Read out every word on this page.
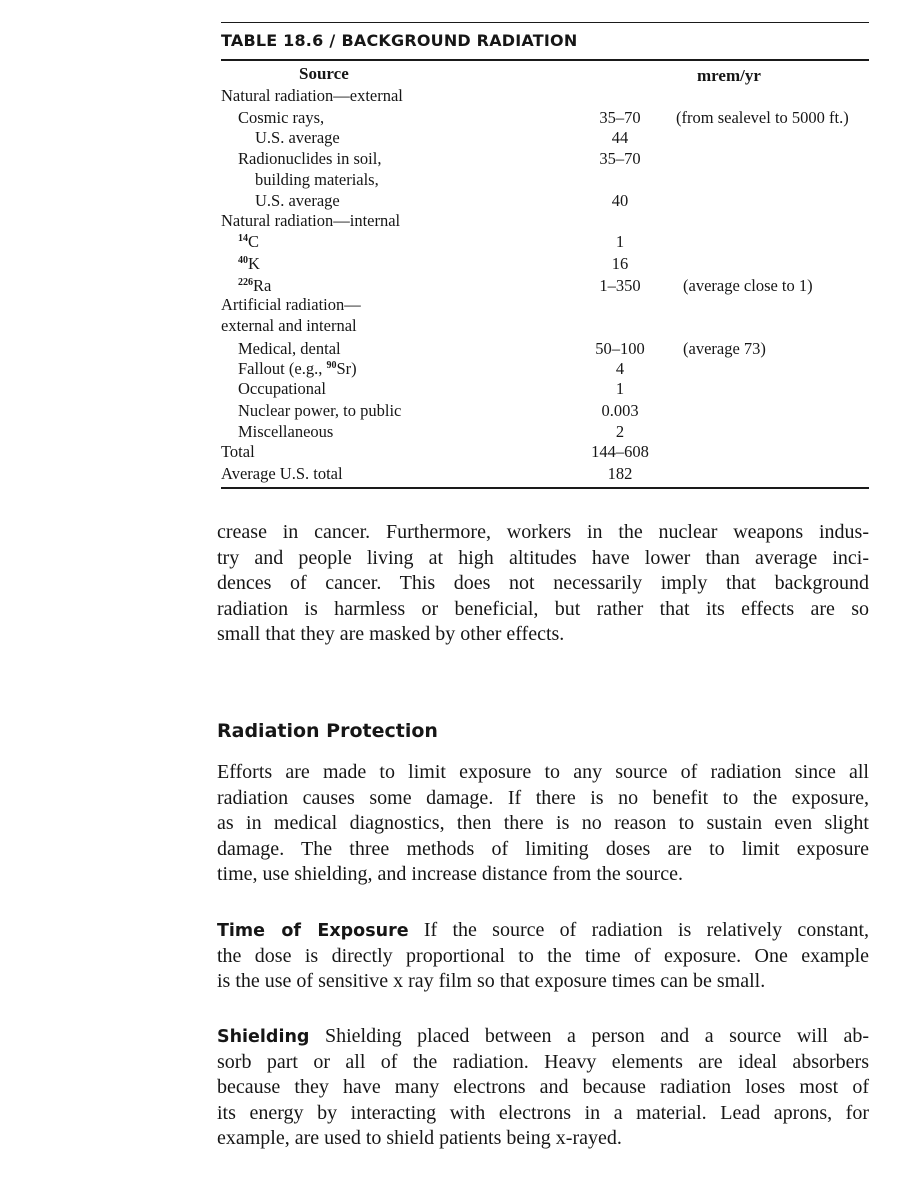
TABLE 18.6 / BACKGROUND RADIATION
Source	mrem/yr
Natural radiation—external
Cosmic rays,	35–70	(from sealevel to 5000 ft.)
U.S. average	44
Radionuclides in soil,	35–70
building materials,
U.S. average	40
Natural radiation—internal
$^{14}$C	1
$^{40}$K	16
$^{226}$Ra	1–350	(average close to 1)
Artificial radiation—
external and internal
Medical, dental	50–100	(average 73)
Fallout (e.g., $^{90}$Sr)	4
Occupational	1
Nuclear power, to public	0.003
Miscellaneous	2
Total	144–608
Average U.S. total	182
crease in cancer. Furthermore, workers in the nuclear weapons indus-
try and people living at high altitudes have lower than average inci-
dences of cancer. This does not necessarily imply that background
radiation is harmless or beneficial, but rather that its effects are so
small that they are masked by other effects.
Radiation Protection
Efforts are made to limit exposure to any source of radiation since all
radiation causes some damage. If there is no benefit to the exposure,
as in medical diagnostics, then there is no reason to sustain even slight
damage. The three methods of limiting doses are to limit exposure
time, use shielding, and increase distance from the source.
Time of Exposure If the source of radiation is relatively constant,
the dose is directly proportional to the time of exposure. One example
is the use of sensitive x ray film so that exposure times can be small.
Shielding Shielding placed between a person and a source will ab-
sorb part or all of the radiation. Heavy elements are ideal absorbers
because they have many electrons and because radiation loses most of
its energy by interacting with electrons in a material. Lead aprons, for
example, are used to shield patients being x-rayed.
